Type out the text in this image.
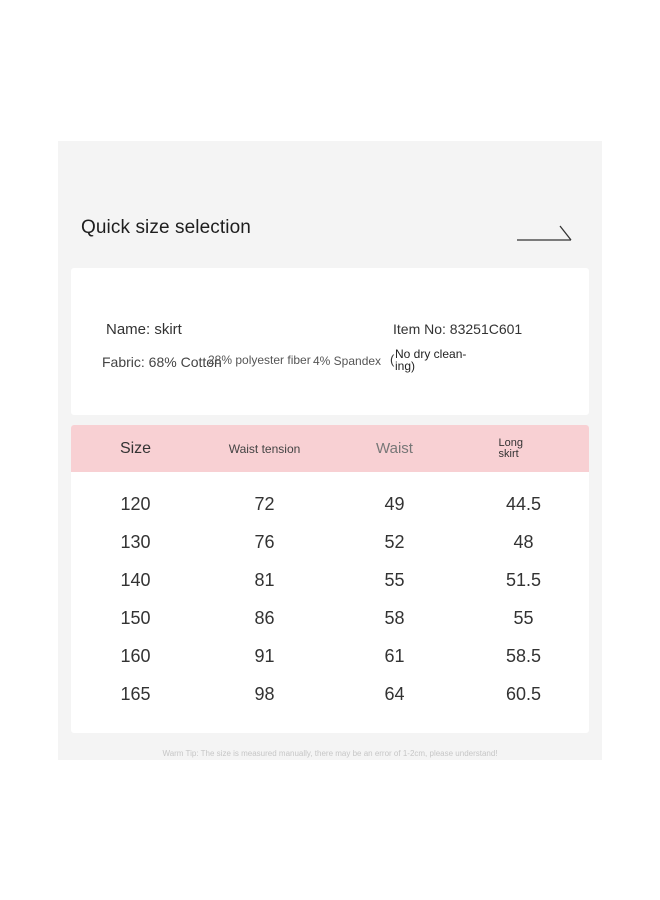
Quick size selection
Name: skirt	Item No: 83251C601
Fabric: 68% Cotton
28% polyester fiber 4% Spandex ( No dry clean-ing)
Size	Waist tension	Waist	Long skirt
120	72	49	44.5
130	76	52	48
140	81	55	51.5
150	86	58	55
160	91	61	58.5
165	98	64	60.5
Warm Tip: The size is measured manually, there may be an error of 1-2cm, please understand!
